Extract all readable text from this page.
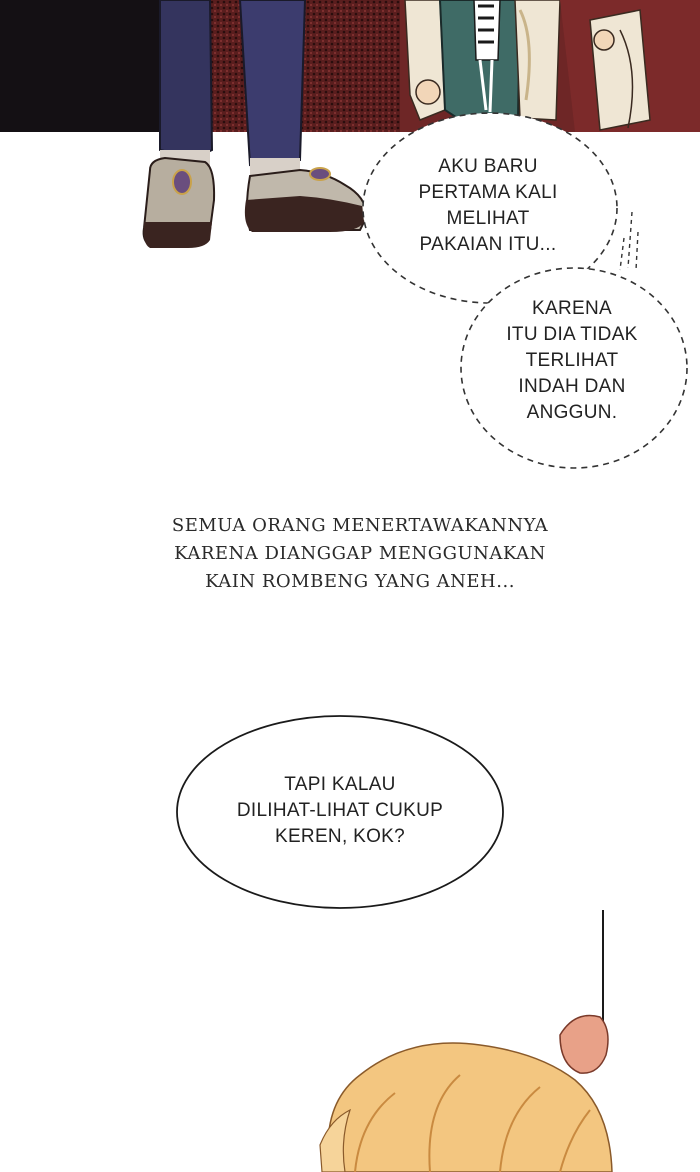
AKU BARU
PERTAMA KALI
MELIHAT
PAKAIAN ITU...
KARENA
ITU DIA TIDAK
TERLIHAT
INDAH DAN
ANGGUN.
SEMUA ORANG MENERTAWAKANNYA
KARENA DIANGGAP MENGGUNAKAN
KAIN ROMBENG YANG ANEH...
TAPI KALAU
DILIHAT-LIHAT CUKUP
KEREN, KOK?
